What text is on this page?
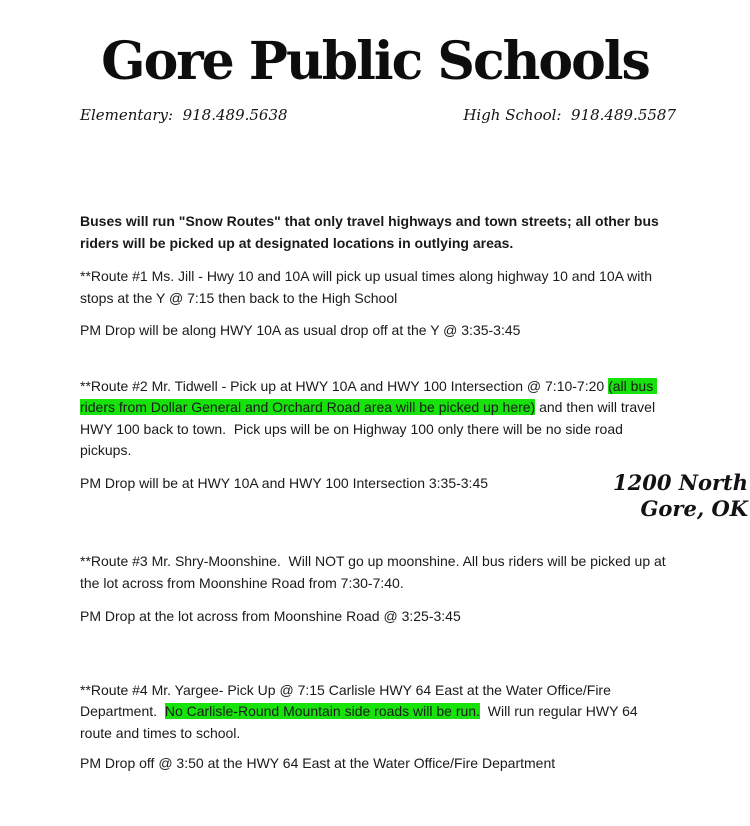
Gore Public Schools
Elementary:  918.489.5638	High School:  918.489.5587

Buses will run "Snow Routes" that only travel highways and town streets; all other bus riders will be picked up at designated locations in outlying areas.

**Route #1 Ms. Jill - Hwy 10 and 10A will pick up usual times along highway 10 and 10A with stops at the Y @ 7:15 then back to the High School

PM Drop will be along HWY 10A as usual drop off at the Y @ 3:35-3:45

**Route #2 Mr. Tidwell - Pick up at HWY 10A and HWY 100 Intersection @ 7:10-7:20 (all bus riders from Dollar General and Orchard Road area will be picked up here) and then will travel HWY 100 back to town.  Pick ups will be on Highway 100 only there will be no side road pickups.

PM Drop will be at HWY 10A and HWY 100 Intersection 3:35-3:45

**Route #3 Mr. Shry-Moonshine.  Will NOT go up moonshine. All bus riders will be picked up at the lot across from Moonshine Road from 7:30-7:40.

PM Drop at the lot across from Moonshine Road @ 3:25-3:45

**Route #4 Mr. Yargee- Pick Up @ 7:15 Carlisle HWY 64 East at the Water Office/Fire Department.  No Carlisle-Round Mountain side roads will be run.  Will run regular HWY 64 route and times to school.

PM Drop off @ 3:50 at the HWY 64 East at the Water Office/Fire Department

1200 North
Gore, OK
